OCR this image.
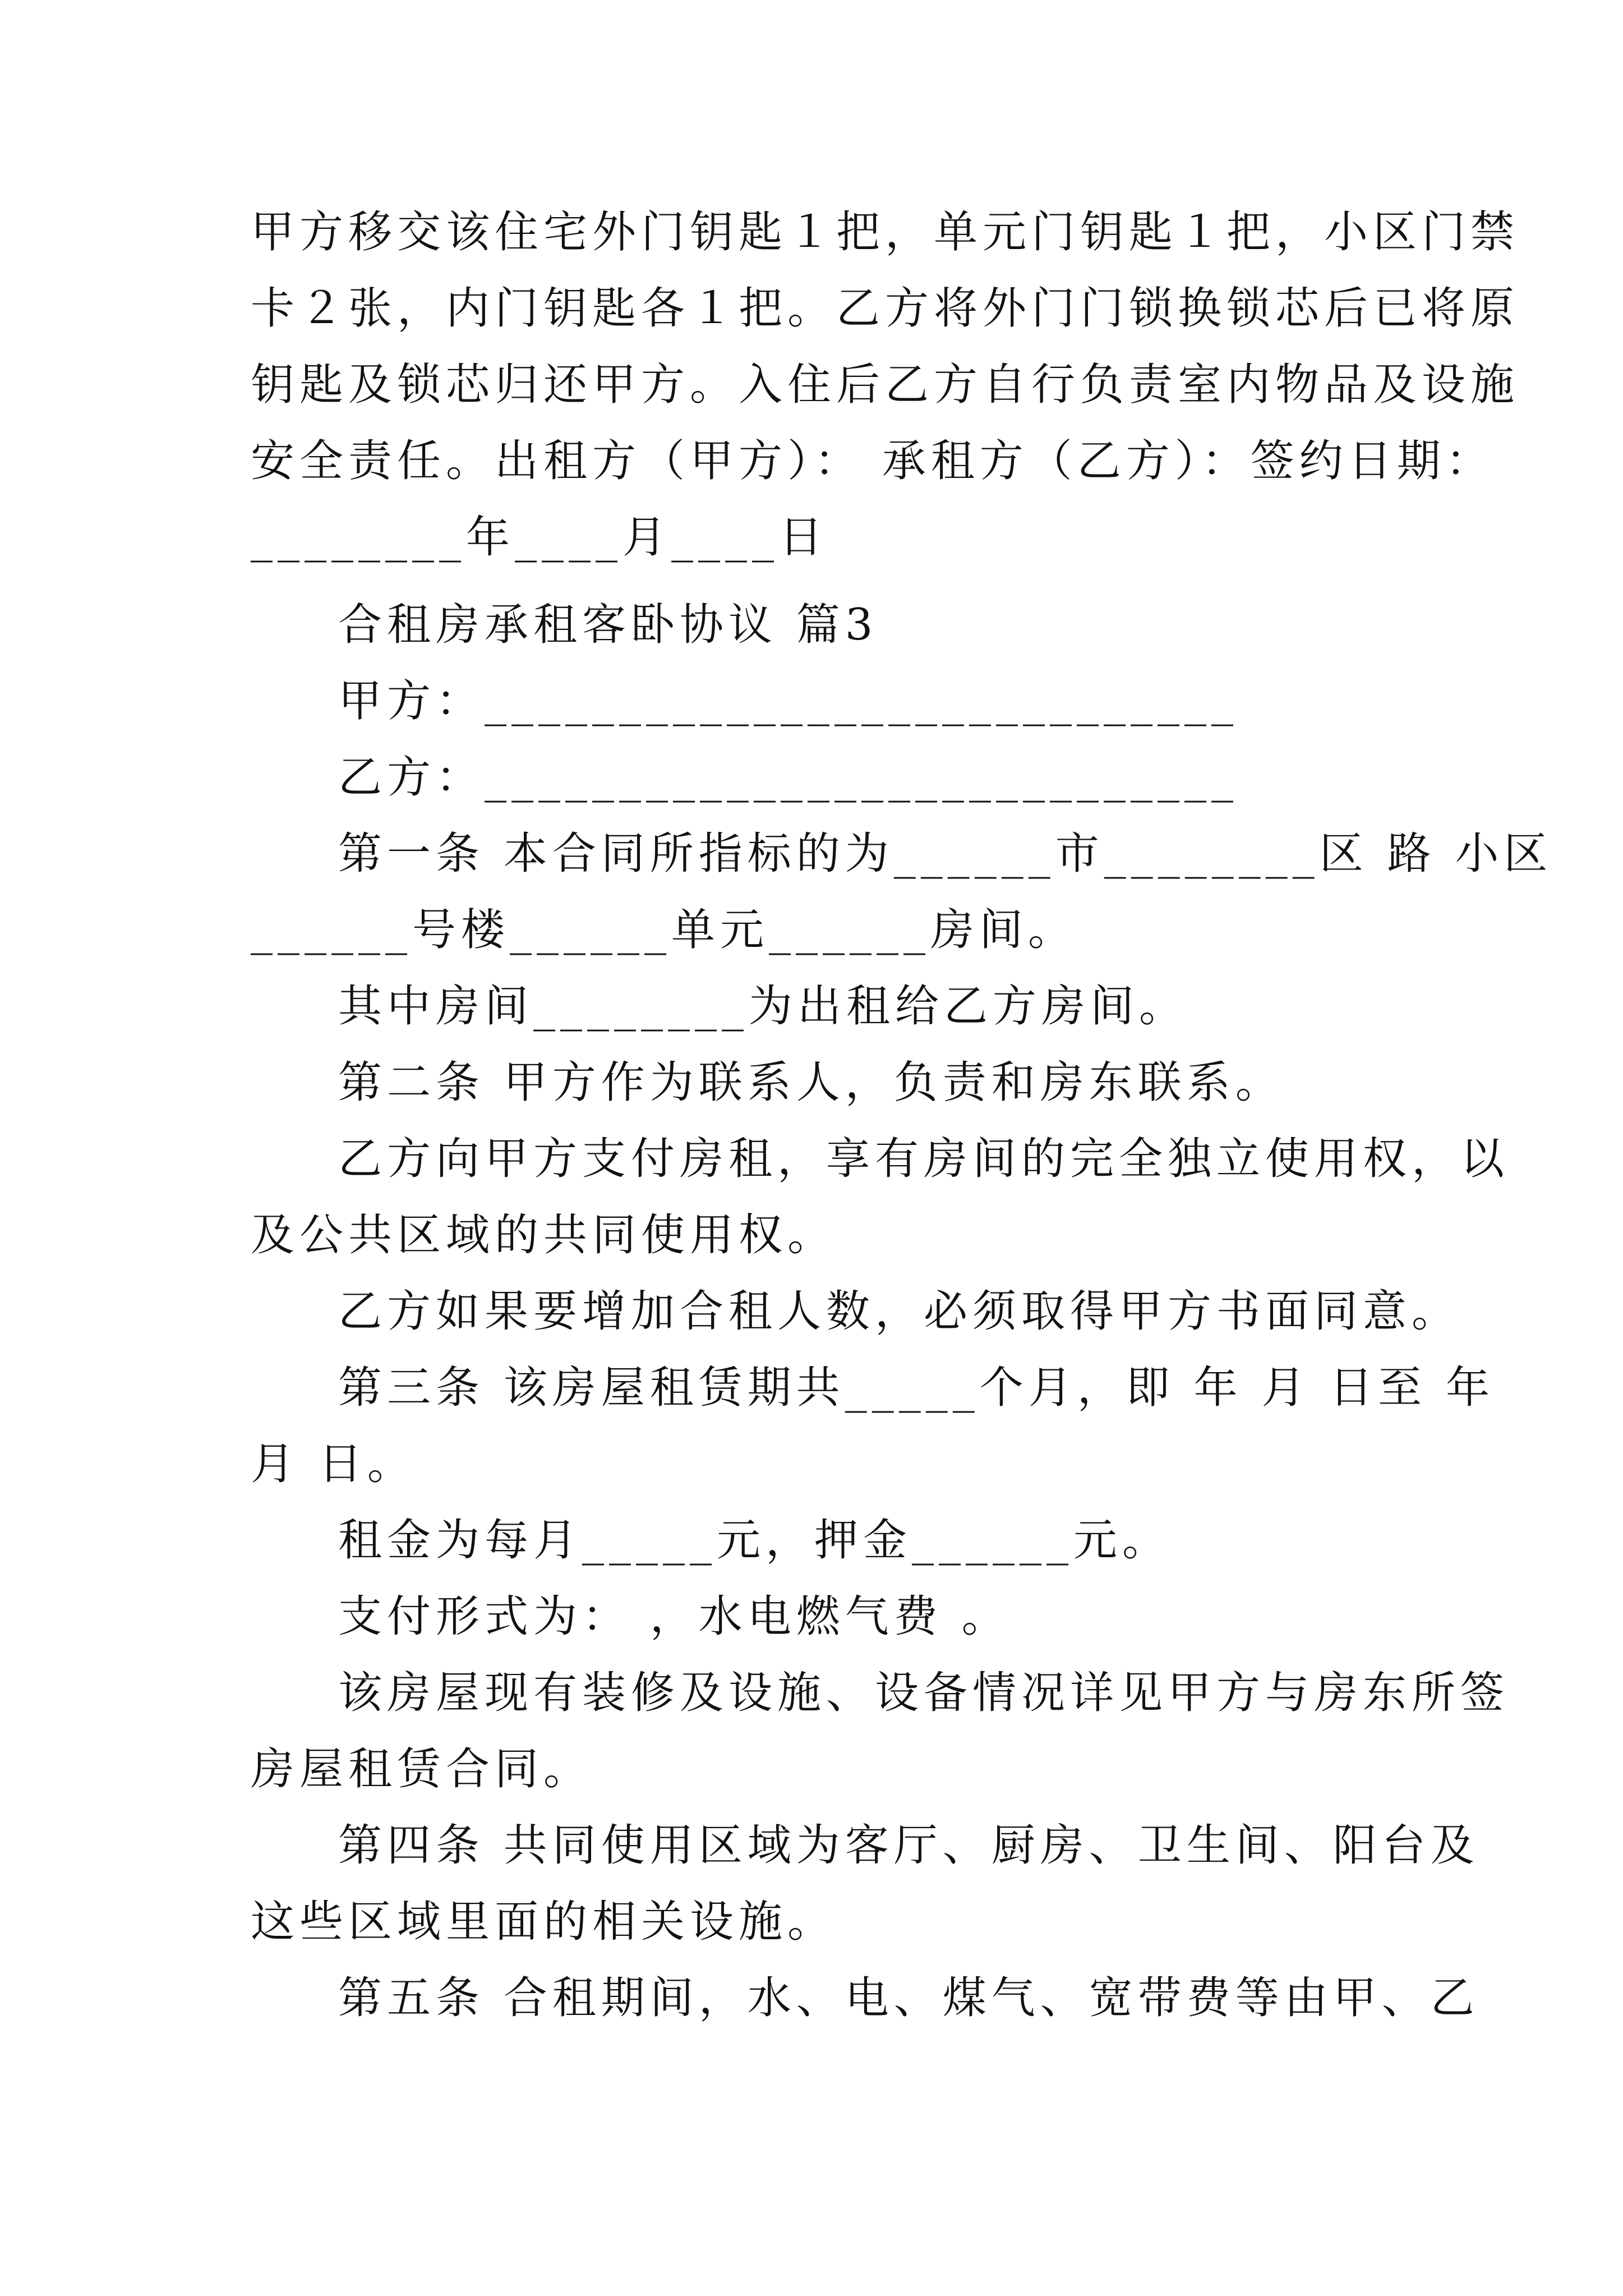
甲方移交该住宅外门钥匙１把，单元门钥匙１把，小区门禁
卡２张，内门钥匙各１把。乙方将外门门锁换锁芯后已将原
钥匙及锁芯归还甲方。入住后乙方自行负责室内物品及设施
安全责任。出租方（甲方）： 承租方（乙方）：签约日期：
________年____月____日
合租房承租客卧协议 篇3
甲方：____________________________
乙方：____________________________
第一条 本合同所指标的为______市________区 路 小区
______号楼______单元______房间。
其中房间________为出租给乙方房间。
第二条 甲方作为联系人，负责和房东联系。
乙方向甲方支付房租，享有房间的完全独立使用权，以
及公共区域的共同使用权。
乙方如果要增加合租人数，必须取得甲方书面同意。
第三条 该房屋租赁期共_____个月，即 年 月 日至 年
月 日。
租金为每月_____元，押金______元。
支付形式为： ，水电燃气费 。
该房屋现有装修及设施、设备情况详见甲方与房东所签
房屋租赁合同。
第四条 共同使用区域为客厅、厨房、卫生间、阳台及
这些区域里面的相关设施。
第五条 合租期间，水、电、煤气、宽带费等由甲、乙
